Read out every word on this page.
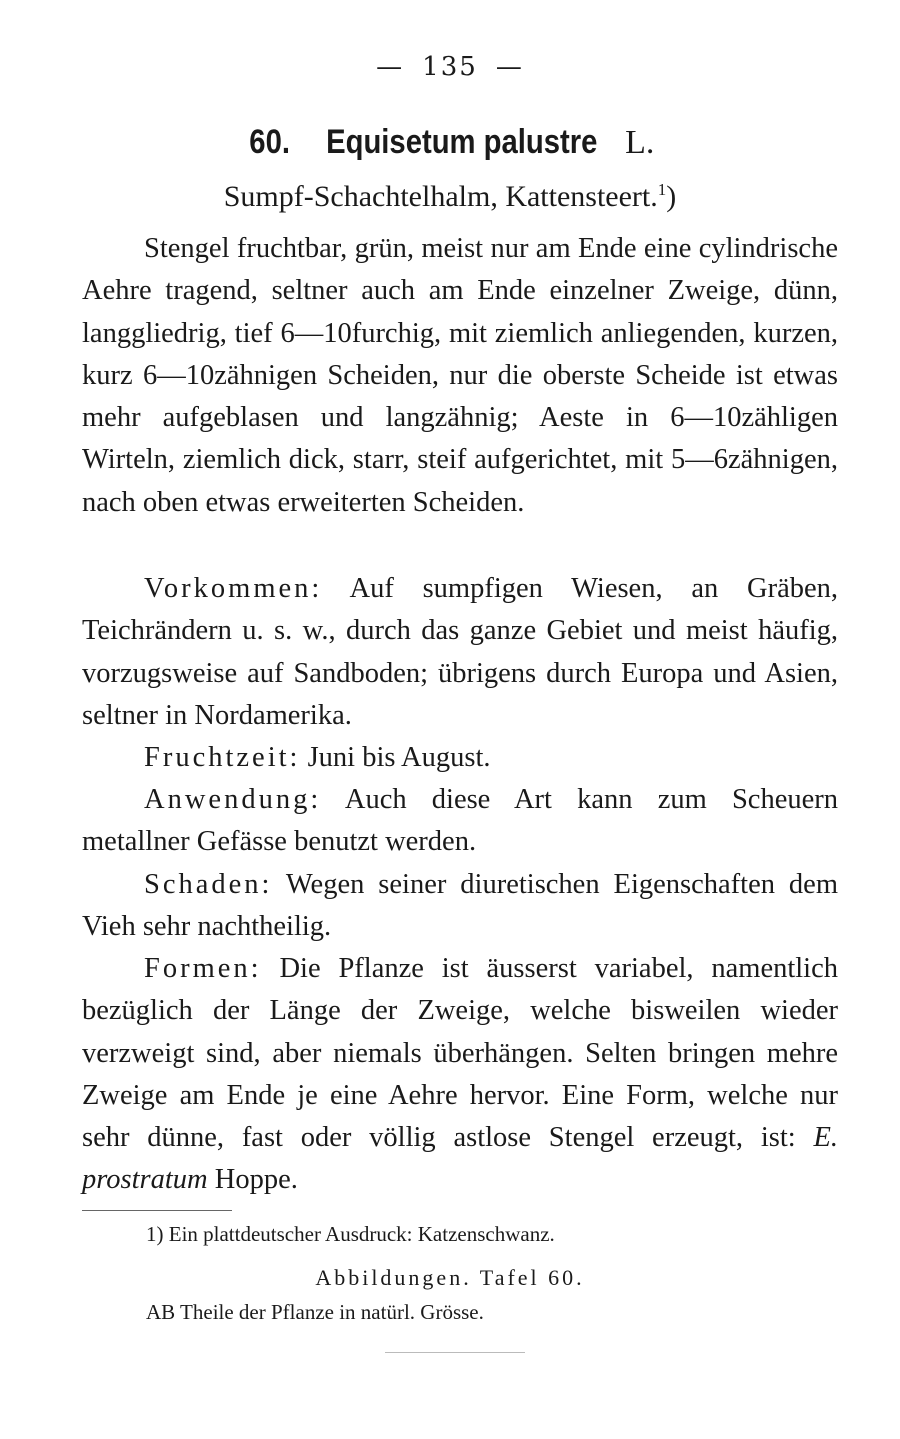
— 135 —
60. Equisetum palustre L.
Sumpf-Schachtelhalm, Kattensteert.$^1$)

Stengel fruchtbar, grün, meist nur am Ende eine cylindrische Aehre tragend, seltner auch am Ende einzelner Zweige, dünn, langgliedrig, tief 6—10furchig, mit ziemlich anliegenden, kurzen, kurz 6—10zähnigen Scheiden, nur die oberste Scheide ist etwas mehr aufgeblasen und langzähnig; Aeste in 6—10zähligen Wirteln, ziemlich dick, starr, steif aufgerichtet, mit 5—6zähnigen, nach oben etwas erweiterten Scheiden.

Vorkommen: Auf sumpfigen Wiesen, an Gräben, Teichrändern u. s. w., durch das ganze Gebiet und meist häufig, vorzugsweise auf Sandboden; übrigens durch Europa und Asien, seltner in Nordamerika.

Fruchtzeit: Juni bis August.

Anwendung: Auch diese Art kann zum Scheuern metallner Gefässe benutzt werden.

Schaden: Wegen seiner diuretischen Eigenschaften dem Vieh sehr nachtheilig.

Formen: Die Pflanze ist äusserst variabel, namentlich bezüglich der Länge der Zweige, welche bisweilen wieder verzweigt sind, aber niemals überhängen. Selten bringen mehre Zweige am Ende je eine Aehre hervor. Eine Form, welche nur sehr dünne, fast oder völlig astlose Stengel erzeugt, ist: E. prostratum Hoppe.

1) Ein plattdeutscher Ausdruck: Katzenschwanz.
Abbildungen. Tafel 60.
AB Theile der Pflanze in natürl. Grösse.
